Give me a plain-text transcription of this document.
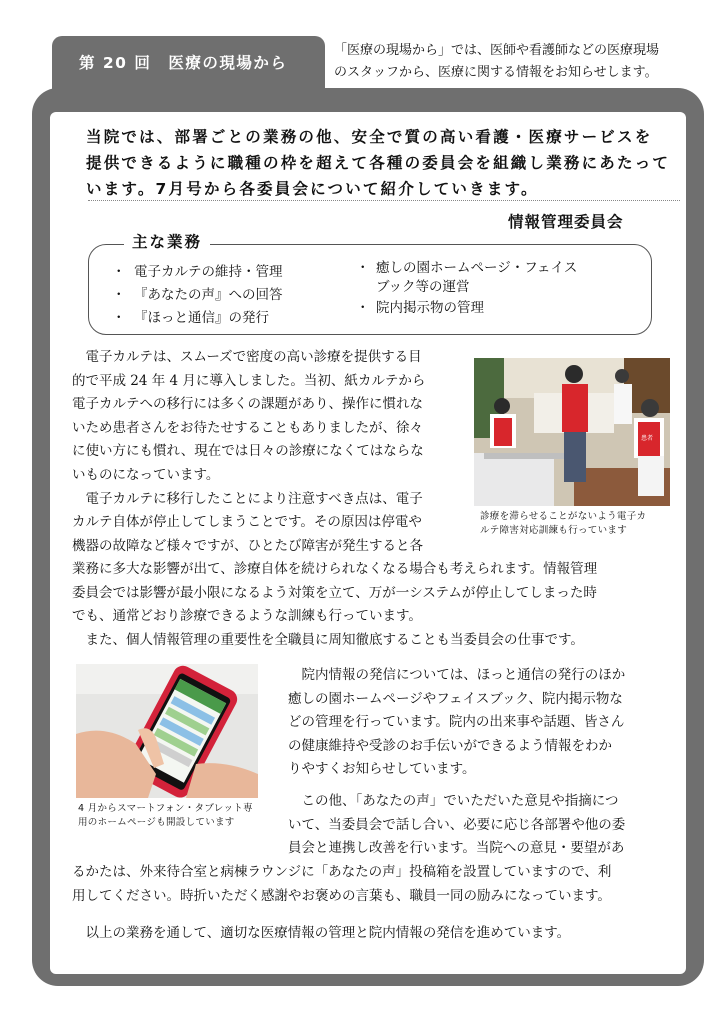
第 20 回　医療の現場から
「医療の現場から」では、医師や看護師などの医療現場
のスタッフから、医療に関する情報をお知らせします。
当院では、部署ごとの業務の他、安全で質の高い看護・医療サービスを
提供できるように職種の枠を超えて各種の委員会を組織し業務にあたって
います。7月号から各委員会について紹介していきます。
情報管理委員会
主な業務
・ 電子カルテの維持・管理
・ 『あなたの声』への回答
・ 『ほっと通信』の発行
・ 癒しの園ホームページ・フェイス
ブック等の運営
・ 院内掲示物の管理
　電子カルテは、スムーズで密度の高い診療を提供する目
的で平成 24 年 4 月に導入しました。当初、紙カルテから
電子カルテへの移行には多くの課題があり、操作に慣れな
いため患者さんをお待たせすることもありましたが、徐々
に使い方にも慣れ、現在では日々の診療になくてはならな
いものになっています。
　電子カルテに移行したことにより注意すべき点は、電子
カルテ自体が停止してしまうことです。その原因は停電や
機器の故障など様々ですが、ひとたび障害が発生すると各
患者
診療を滞らせることがないよう電子カ
ルテ障害対応訓練も行っています
業務に多大な影響が出て、診療自体を続けられなくなる場合も考えられます。情報管理
委員会では影響が最小限になるよう対策を立て、万が一システムが停止してしまった時
でも、通常どおり診療できるような訓練も行っています。
　また、個人情報管理の重要性を全職員に周知徹底することも当委員会の仕事です。
4 月からスマートフォン・タブレット専
用のホームページも開設しています
　院内情報の発信については、ほっと通信の発行のほか
癒しの園ホームページやフェイスブック、院内掲示物な
どの管理を行っています。院内の出来事や話題、皆さん
の健康維持や受診のお手伝いができるよう情報をわか
りやすくお知らせしています。
　この他、「あなたの声」でいただいた意見や指摘につ
いて、当委員会で話し合い、必要に応じ各部署や他の委
員会と連携し改善を行います。当院への意見・要望があ
るかたは、外来待合室と病棟ラウンジに「あなたの声」投稿箱を設置していますので、利
用してください。時折いただく感謝やお褒めの言葉も、職員一同の励みになっています。
　以上の業務を通して、適切な医療情報の管理と院内情報の発信を進めています。
